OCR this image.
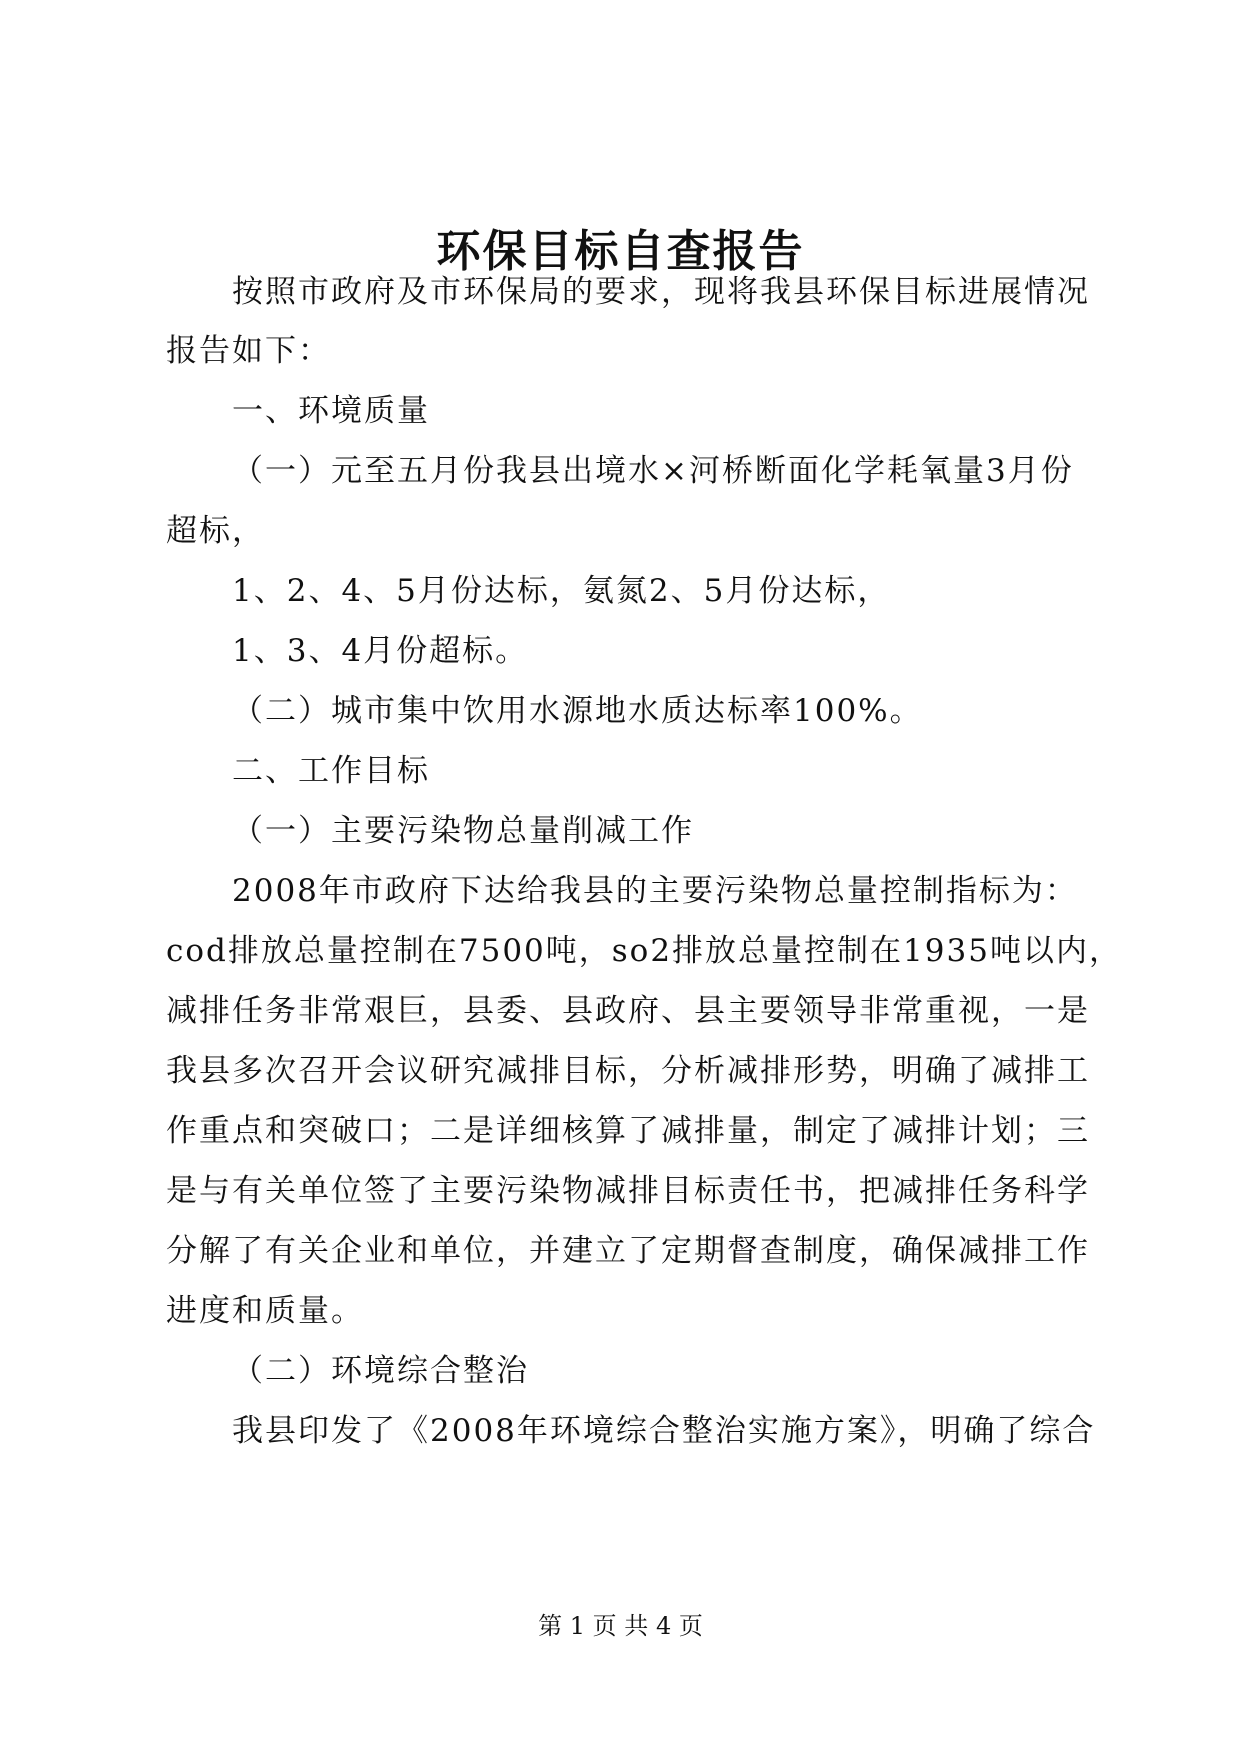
环保目标自查报告
按照市政府及市环保局的要求，现将我县环保目标进展情况
报告如下：
一、环境质量
（一）元至五月份我县出境水×河桥断面化学耗氧量3月份
超标，
1、2、4、5月份达标，氨氮2、5月份达标，
1、3、4月份超标。
（二）城市集中饮用水源地水质达标率100%。
二、工作目标
（一）主要污染物总量削减工作
2008年市政府下达给我县的主要污染物总量控制指标为：
cod排放总量控制在7500吨，so2排放总量控制在1935吨以内，
减排任务非常艰巨，县委、县政府、县主要领导非常重视，一是
我县多次召开会议研究减排目标，分析减排形势，明确了减排工
作重点和突破口；二是详细核算了减排量，制定了减排计划；三
是与有关单位签了主要污染物减排目标责任书，把减排任务科学
分解了有关企业和单位，并建立了定期督查制度，确保减排工作
进度和质量。
（二）环境综合整治
我县印发了《2008年环境综合整治实施方案》，明确了综合
第 1 页 共 4 页
